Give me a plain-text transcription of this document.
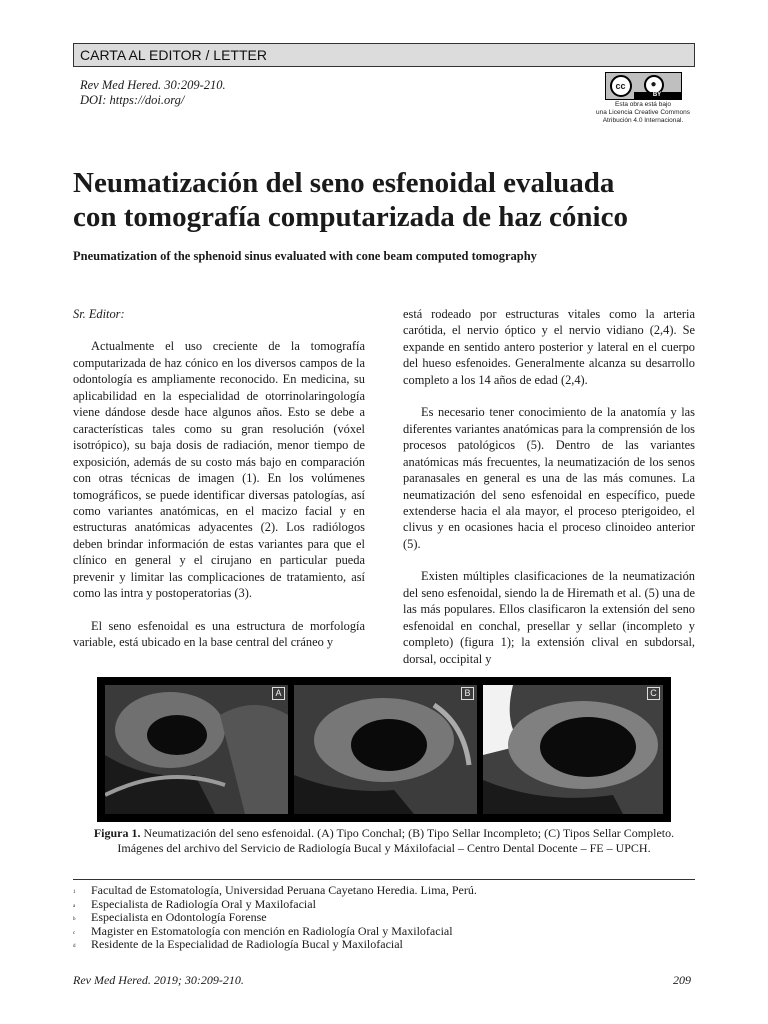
CARTA AL EDITOR / LETTER
Rev Med Hered. 30:209-210.
DOI: https://doi.org/
cc	●
BY
Esta obra está bajo
una Licencia Creative Commons
Atribución 4.0 Internacional.
Neumatización del seno esfenoidal evaluada
con tomografía computarizada de haz cónico
Pneumatization of the sphenoid sinus evaluated with cone beam computed tomography

Sr. Editor:

Actualmente el uso creciente de la tomografía computarizada de haz cónico en los diversos campos de la odontología es ampliamente reconocido. En medicina, su aplicabilidad en la especialidad de otorrinolaringología viene dándose desde hace algunos años. Esto se debe a características tales como su gran resolución (vóxel isotrópico), su baja dosis de radiación, menor tiempo de exposición, además de su costo más bajo en comparación con otras técnicas de imagen (1). En los volúmenes tomográficos, se puede identificar diversas patologías, así como variantes anatómicas, en el macizo facial y en estructuras anatómicas adyacentes (2). Los radiólogos deben brindar información de estas variantes para que el clínico en general y el cirujano en particular pueda prevenir y limitar las complicaciones de tratamiento, así como las intra y postoperatorias (3).

El seno esfenoidal es una estructura de morfología variable, está ubicado en la base central del cráneo y

está rodeado por estructuras vitales como la arteria carótida, el nervio óptico y el nervio vidiano (2,4). Se expande en sentido antero posterior y lateral en el cuerpo del hueso esfenoides. Generalmente alcanza su desarrollo completo a los 14 años de edad (2,4).

Es necesario tener conocimiento de la anatomía y las diferentes variantes anatómicas para la comprensión de los procesos patológicos (5). Dentro de las variantes anatómicas más frecuentes, la neumatización de los senos paranasales en general es una de las más comunes. La neumatización del seno esfenoidal en específico, puede extenderse hacia el ala mayor, el proceso pterigoideo, el clivus y en ocasiones hacia el proceso clinoideo anterior (5).

Existen múltiples clasificaciones de la neumatización del seno esfenoidal, siendo la de Hiremath et al. (5) una de las más populares. Ellos clasificaron la extensión del seno esfenoidal en conchal, presellar y sellar (incompleto y completo) (figura 1); la extensión clival en subdorsal, dorsal, occipital y

A	B	C
Figura 1. Neumatización del seno esfenoidal. (A) Tipo Conchal; (B) Tipo Sellar Incompleto; (C) Tipos Sellar Completo.
Imágenes del archivo del Servicio de Radiología Bucal y Máxilofacial – Centro Dental Docente – FE – UPCH.
1 Facultad de Estomatología, Universidad Peruana Cayetano Heredia. Lima, Perú.
a Especialista de Radiología Oral y Maxilofacial
b Especialista en Odontología Forense
c Magister en Estomatología con mención en Radiología Oral y Maxilofacial
d Residente de la Especialidad de Radiología Bucal y Maxilofacial
Rev Med Hered. 2019; 30:209-210.	209
